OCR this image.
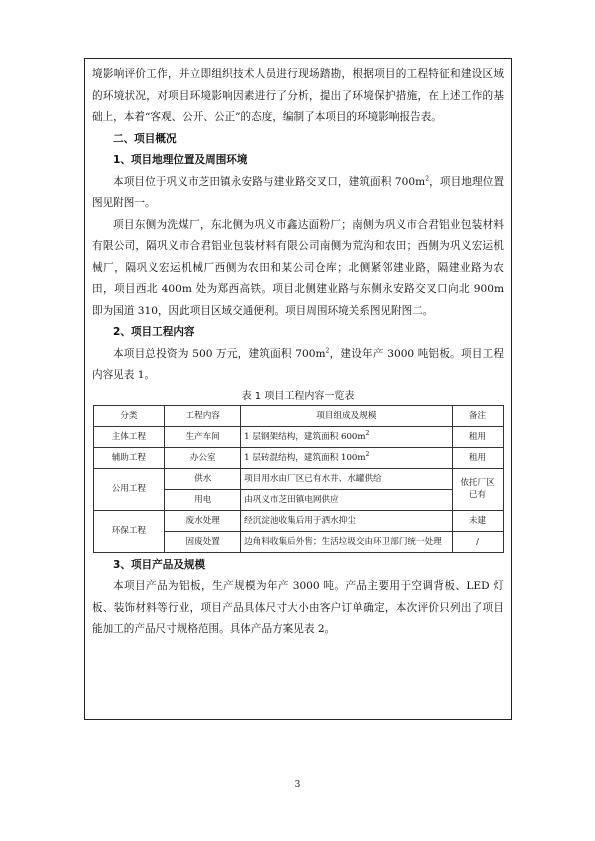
境影响评价工作，并立即组织技术人员进行现场踏勘，根据项目的工程特征和建设区域的环境状况，对项目环境影响因素进行了分析，提出了环境保护措施，在上述工作的基础上，本着“客观、公开、公正”的态度，编制了本项目的环境影响报告表。

二、项目概况
1、项目地理位置及周围环境

本项目位于巩义市芝田镇永安路与建业路交叉口，建筑面积 $700m^2$，项目地理位置图见附图一。

项目东侧为洗煤厂，东北侧为巩义市鑫达面粉厂；南侧为巩义市合君铝业包装材料有限公司，隔巩义市合君铝业包装材料有限公司南侧为荒沟和农田；西侧为巩义宏运机械厂，隔巩义宏运机械厂西侧为农田和某公司仓库；北侧紧邻建业路，隔建业路为农田，项目西北 400m 处为郑西高铁。项目北侧建业路与东侧永安路交叉口向北 900m 即为国道 310，因此项目区域交通便利。项目周围环境关系图见附图二。

2、项目工程内容

本项目总投资为 500 万元，建筑面积 $700m^2$，建设年产 3000 吨铝板。项目工程内容见表 1。

表 1 项目工程内容一览表
分类	工程内容	项目组成及规模	备注
主体工程	生产车间	1 层钢架结构，建筑面积 $600m^2$	租用
辅助工程	办公室	1 层砖混结构，建筑面积 $100m^2$	租用
公用工程	供水	项目用水由厂区已有水井、水罐供给	依托厂区已有
	用电	由巩义市芝田镇电网供应	
环保工程	废水处理	经沉淀池收集后用于洒水抑尘	未建
	固废处置	边角料收集后外售；生活垃圾交由环卫部门统一处理	/
3、项目产品及规模

本项目产品为铝板，生产规模为年产 3000 吨。产品主要用于空调背板、LED 灯板、装饰材料等行业，项目产品具体尺寸大小由客户订单确定，本次评价只列出了项目能加工的产品尺寸规格范围。具体产品方案见表 2。

3
